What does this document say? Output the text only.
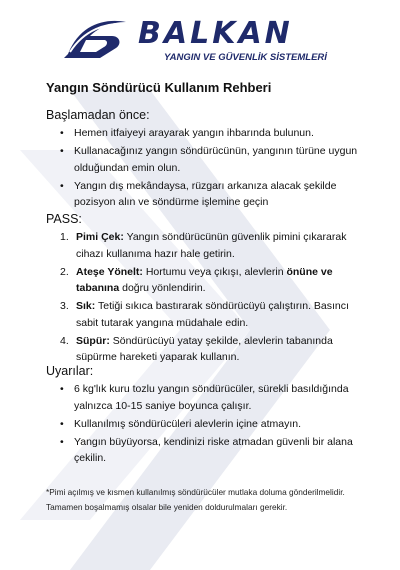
BALKAN
YANGIN VE GÜVENLİK SİSTEMLERİ
Yangın Söndürücü Kullanım Rehberi
Başlamadan önce:
• Hemen itfaiyeyi arayarak yangın ihbarında bulunun.
• Kullanacağınız yangın söndürücünün, yangının türüne uygun olduğundan emin olun.
• Yangın dış mekândaysa, rüzgarı arkanıza alacak şekilde pozisyon alın ve söndürme işlemine geçin
PASS:
1. Pimi Çek: Yangın söndürücünün güvenlik pimini çıkararak cihazı kullanıma hazır hale getirin.
2. Ateşe Yönelt: Hortumu veya çıkışı, alevlerin önüne ve tabanına doğru yönlendirin.
3. Sık: Tetiği sıkıca bastırarak söndürücüyü çalıştırın. Basıncı sabit tutarak yangına müdahale edin.
4. Süpür: Söndürücüyü yatay şekilde, alevlerin tabanında süpürme hareketi yaparak kullanın.
Uyarılar:
• 6 kg'lık kuru tozlu yangın söndürücüler, sürekli basıldığında yalnızca 10-15 saniye boyunca çalışır.
• Kullanılmış söndürücüleri alevlerin içine atmayın.
• Yangın büyüyorsa, kendinizi riske atmadan güvenli bir alana çekilin.
*Pimi açılmış ve kısmen kullanılmış söndürücüler mutlaka doluma gönderilmelidir. Tamamen boşalmamış olsalar bile yeniden doldurulmaları gerekir.
